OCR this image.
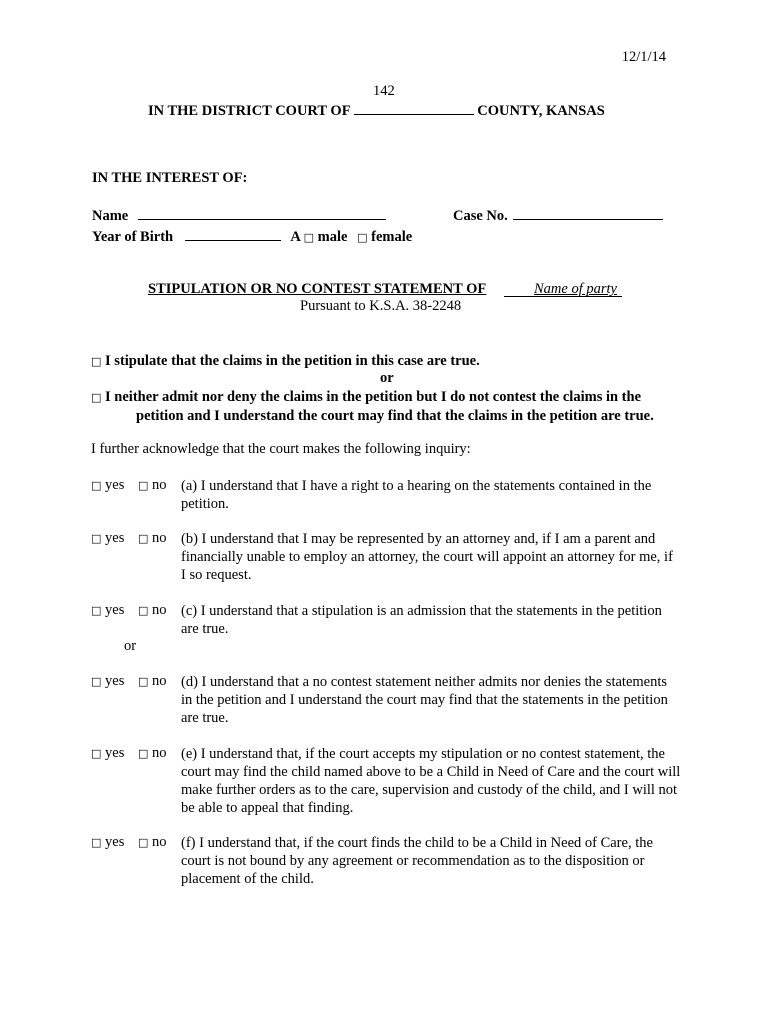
12/1/14
142
IN THE DISTRICT COURT OF	COUNTY, KANSAS
IN THE INTEREST OF:
Name	Case No.
Year of Birth	A □ male □ female
STIPULATION OR NO CONTEST STATEMENT OF	Name of party
Pursuant to K.S.A. 38-2248
□ I stipulate that the claims in the petition in this case are true.
or
□ I neither admit nor deny the claims in the petition but I do not contest the claims in the
petition and I understand the court may find that the claims in the petition are true.
I further acknowledge that the court makes the following inquiry:
□ yes □ no (a) I understand that I have a right to a hearing on the statements contained in the petition.
□ yes □ no (b) I understand that I may be represented by an attorney and, if I am a parent and financially unable to employ an attorney, the court will appoint an attorney for me, if I so request.
□ yes □ no (c) I understand that a stipulation is an admission that the statements in the petition are true.
or
□ yes □ no (d) I understand that a no contest statement neither admits nor denies the statements in the petition and I understand the court may find that the statements in the petition are true.
□ yes □ no (e) I understand that, if the court accepts my stipulation or no contest statement, the court may find the child named above to be a Child in Need of Care and the court will make further orders as to the care, supervision and custody of the child, and I will not be able to appeal that finding.
□ yes □ no (f) I understand that, if the court finds the child to be a Child in Need of Care, the court is not bound by any agreement or recommendation as to the disposition or placement of the child.
